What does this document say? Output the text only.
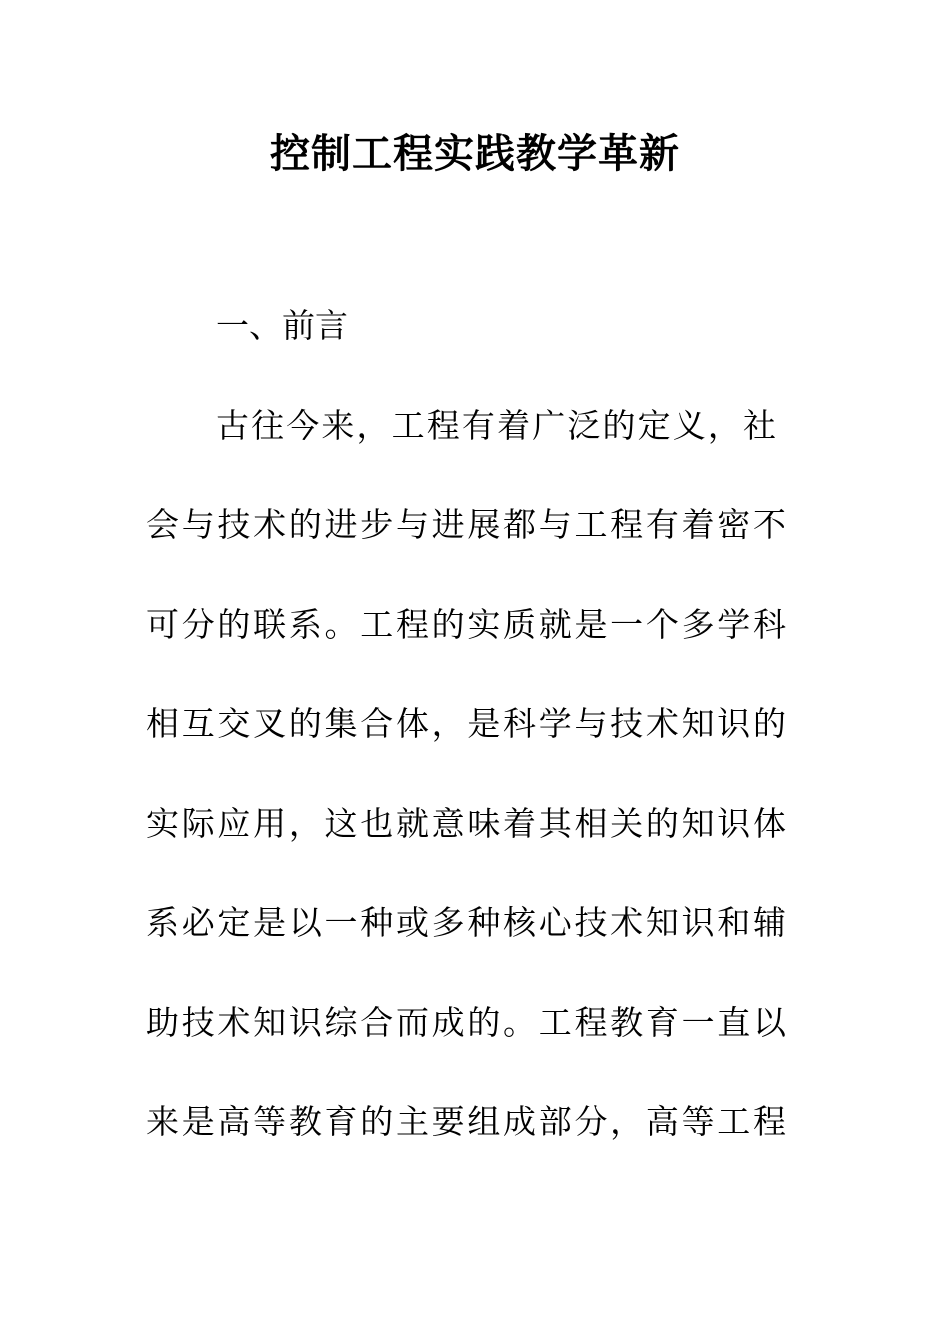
控制工程实践教学革新
一、前言
古往今来，工程有着广泛的定义，社
会与技术的进步与进展都与工程有着密不
可分的联系。工程的实质就是一个多学科
相互交叉的集合体，是科学与技术知识的
实际应用，这也就意味着其相关的知识体
系必定是以一种或多种核心技术知识和辅
助技术知识综合而成的。工程教育一直以
来是高等教育的主要组成部分，高等工程
